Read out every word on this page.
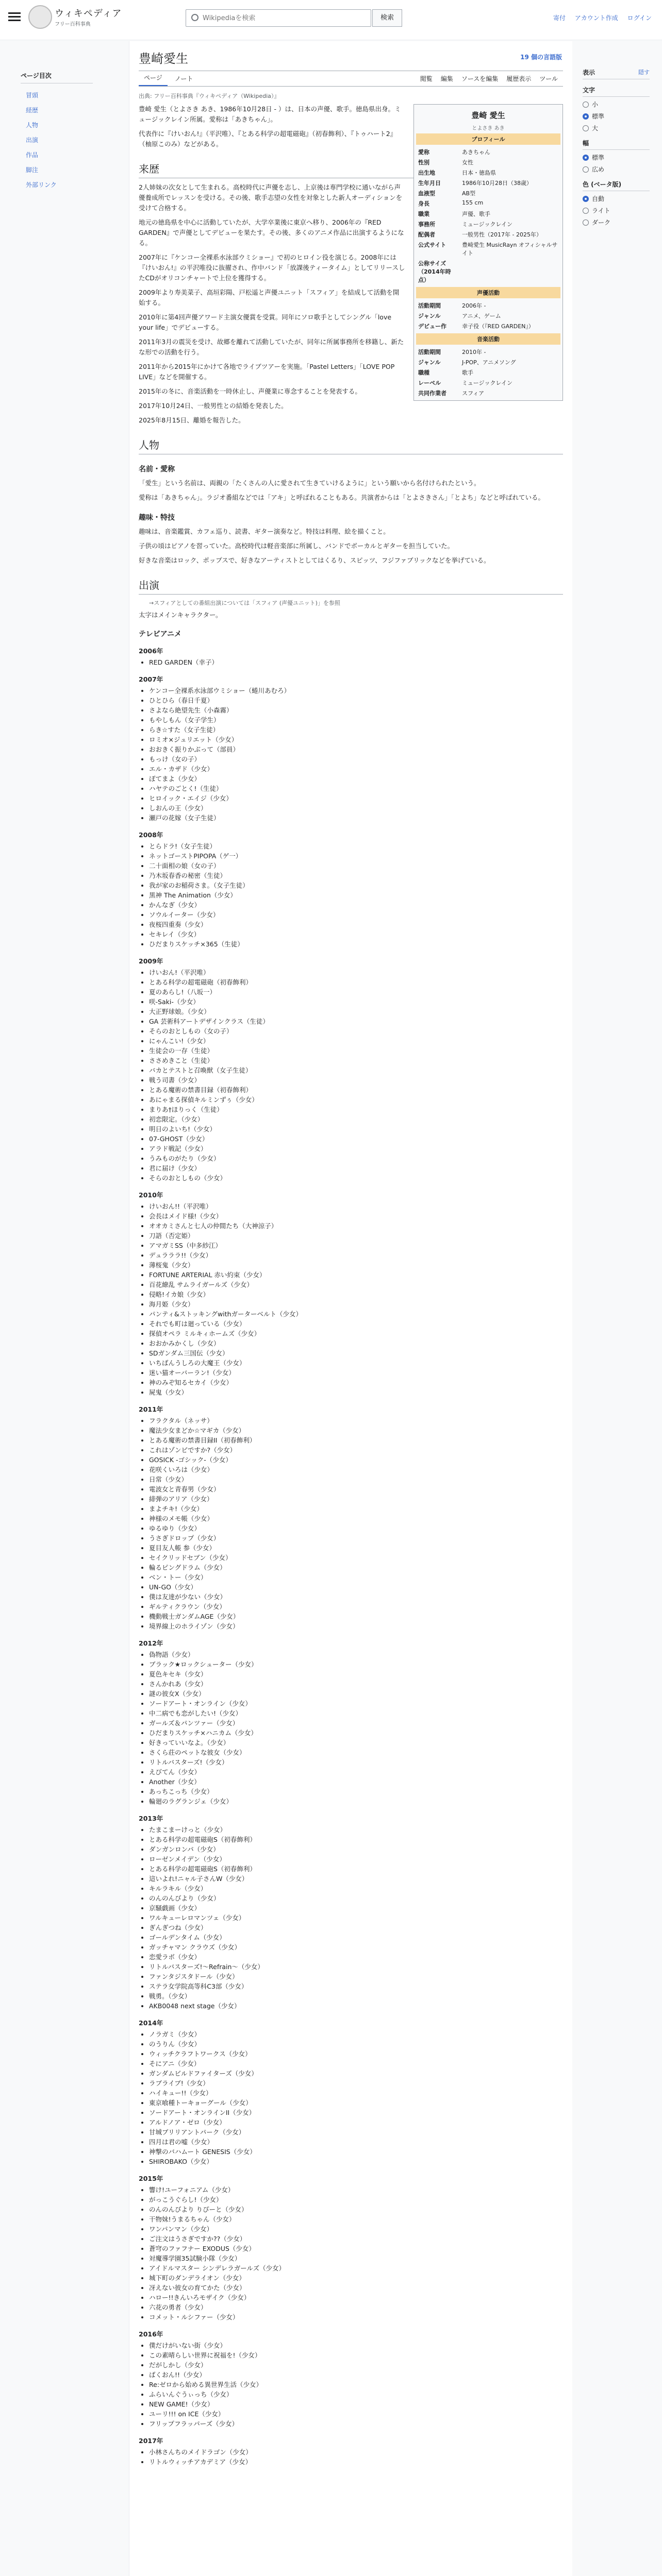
ウィキペディア
フリー百科事典
Wikipediaを検索
検索	寄付 アカウント作成 ログイン
ページ目次
冒頭
経歴
人物
出演
作品
脚注
外部リンク
豊崎愛生	19 個の言語版
ページ	ノート	閲覧	編集	ソースを編集	履歴表示	ツール
出典: フリー百科事典『ウィキペディア（Wikipedia）』
豊崎 愛生
とよさき あき
プロフィール
愛称	あきちゃん
性別	女性
出生地	日本・徳島県
生年月日	1986年10月28日（38歳）
血液型	AB型
身長	155 cm
職業	声優、歌手
事務所	ミュージックレイン
配偶者	一般男性（2017年 - 2025年）
公式サイト	豊崎愛生 MusicRayn オフィシャルサイト
公称サイズ（2014年時点）	
声優活動
活動期間	2006年 -
ジャンル	アニメ、ゲーム
デビュー作	幸子役（『RED GARDEN』）
音楽活動
活動期間	2010年 -
ジャンル	J-POP、アニメソング
職種	歌手
レーベル	ミュージックレイン
共同作業者	スフィア

豊崎 愛生（とよさき あき、1986年10月28日 - ）は、日本の声優、歌手。徳島県出身。ミュージックレイン所属。愛称は「あきちゃん」。

代表作に『けいおん!』（平沢唯）、『とある科学の超電磁砲』（初春飾利）、『トゥハート2』（柚原このみ）などがある。

来歴

2人姉妹の次女として生まれる。高校時代に声優を志し、上京後は専門学校に通いながら声優養成所でレッスンを受ける。その後、歌手志望の女性を対象とした新人オーディションを受けて合格する。

地元の徳島県を中心に活動していたが、大学卒業後に東京へ移り、2006年の『RED GARDEN』で声優としてデビューを果たす。その後、多くのアニメ作品に出演するようになる。

2007年に『ケンコー全裸系水泳部ウミショー』で初のヒロイン役を演じる。2008年には『けいおん!』の平沢唯役に抜擢され、作中バンド「放課後ティータイム」としてリリースしたCDがオリコンチャートで上位を獲得する。

2009年より寿美菜子、高垣彩陽、戸松遥と声優ユニット「スフィア」を結成して活動を開始する。

2010年に第4回声優アワード主演女優賞を受賞。同年にソロ歌手としてシングル「love your life」でデビューする。

2011年3月の震災を受け、故郷を離れて活動していたが、同年に所属事務所を移籍し、新たな形での活動を行う。

2011年から2015年にかけて各地でライブツアーを実施。「Pastel Letters」「LOVE POP LIVE」などを開催する。

2015年の冬に、音楽活動を一時休止し、声優業に専念することを発表する。

2017年10月24日、一般男性との結婚を発表した。

2025年8月15日、離婚を報告した。

人物
名前・愛称

「愛生」という名前は、両親の「たくさんの人に愛されて生きていけるように」という願いから名付けられたという。

愛称は「あきちゃん」。ラジオ番組などでは「アキ」と呼ばれることもある。共演者からは「とよさきさん」「とよち」などと呼ばれている。

趣味・特技

趣味は、音楽鑑賞、カフェ巡り、読書、ギター演奏など。特技は料理、絵を描くこと。

子供の頃はピアノを習っていた。高校時代は軽音楽部に所属し、バンドでボーカルとギターを担当していた。

好きな音楽はロック、ポップスで、好きなアーティストとしてはくるり、スピッツ、フジファブリックなどを挙げている。

出演
→スフィアとしての番組出演については「スフィア (声優ユニット)」を参照
太字はメインキャラクター。
テレビアニメ
2006年
• RED GARDEN（幸子）
2007年
• ケンコー全裸系水泳部ウミショー（蜷川あむろ）
• ひとひら（春日千夏）
• さよなら絶望先生（小森霧）
• もやしもん（女子学生）
• らき☆すた（女子生徒）
• ロミオ×ジュリエット（少女）
• おおきく振りかぶって（部員）
• もっけ（女の子）
• エル・カザド（少女）
• ぽてまよ（少女）
• ハヤテのごとく!（生徒）
• ヒロイック・エイジ（少女）
• しおんの王（少女）
• 瀬戸の花嫁（女子生徒）
2008年
• とらドラ!（女子生徒）
• ネットゴーストPIPOPA（ゲ一）
• 二十面相の娘（女の子）
• 乃木坂春香の秘密（生徒）
• 我が家のお稲荷さま。（女子生徒）
• 黒神 The Animation（少女）
• かんなぎ（少女）
• ソウルイーター（少女）
• 夜桜四重奏（少女）
• セキレイ（少女）
• ひだまりスケッチ×365（生徒）
2009年
• けいおん!（平沢唯）
• とある科学の超電磁砲（初春飾利）
• 夏のあらし!（八坂一）
• 咲-Saki-（少女）
• 大正野球娘。（少女）
• GA 芸術科アートデザインクラス（生徒）
• そらのおとしもの（女の子）
• にゃんこい!（少女）
• 生徒会の一存（生徒）
• ささめきこと（生徒）
• バカとテストと召喚獣（女子生徒）
• 戦う司書（少女）
• とある魔術の禁書目録（初春飾利）
• あにゃまる探偵キルミンずぅ（少女）
• まりあ†ほりっく（生徒）
• 初恋限定。（少女）
• 明日のよいち!（少女）
• 07-GHOST（少女）
• アラド戦記（少女）
• うみものがたり（少女）
• 君に届け（少女）
• そらのおとしもの（少女）
2010年
• けいおん!!（平沢唯）
• 会長はメイド様!（少女）
• オオカミさんと七人の仲間たち（大神涼子）
• 刀語（否定姫）
• アマガミSS（中多紗江）
• デュラララ!!（少女）
• 薄桜鬼（少女）
• FORTUNE ARTERIAL 赤い約束（少女）
• 百花繚乱 サムライガールズ（少女）
• 侵略!イカ娘（少女）
• 海月姫（少女）
• パンティ&ストッキングwithガーターベルト（少女）
• それでも町は廻っている（少女）
• 探偵オペラ ミルキィホームズ（少女）
• おおかみかくし（少女）
• SDガンダム三国伝（少女）
• いちばんうしろの大魔王（少女）
• 迷い猫オーバーラン!（少女）
• 神のみぞ知るセカイ（少女）
• 屍鬼（少女）
2011年
• フラクタル（ネッサ）
• 魔法少女まどか☆マギカ（少女）
• とある魔術の禁書目録II（初春飾利）
• これはゾンビですか?（少女）
• GOSICK -ゴシック-（少女）
• 花咲くいろは（少女）
• 日常（少女）
• 電波女と青春男（少女）
• 緋弾のアリア（少女）
• まよチキ!（少女）
• 神様のメモ帳（少女）
• ゆるゆり（少女）
• うさぎドロップ（少女）
• 夏目友人帳 参（少女）
• セイクリッドセブン（少女）
• 輪るピングドラム（少女）
• ベン・トー（少女）
• UN-GO（少女）
• 僕は友達が少ない（少女）
• ギルティクラウン（少女）
• 機動戦士ガンダムAGE（少女）
• 境界線上のホライゾン（少女）
2012年
• 偽物語（少女）
• ブラック★ロックシューター（少女）
• 夏色キセキ（少女）
• さんかれあ（少女）
• 謎の彼女X（少女）
• ソードアート・オンライン（少女）
• 中二病でも恋がしたい!（少女）
• ガールズ＆パンツァー（少女）
• ひだまりスケッチ×ハニカム（少女）
• 好きっていいなよ。（少女）
• さくら荘のペットな彼女（少女）
• リトルバスターズ!（少女）
• えびてん（少女）
• Another（少女）
• あっちこっち（少女）
• 輪廻のラグランジェ（少女）
2013年
• たまこまーけっと（少女）
• とある科学の超電磁砲S（初春飾利）
• ダンガンロンパ（少女）
• ローゼンメイデン（少女）
• とある科学の超電磁砲S（初春飾利）
• 這いよれ!ニャル子さんW（少女）
• キルラキル（少女）
• のんのんびより（少女）
• 京騒戯画（少女）
• ワルキューレロマンツェ（少女）
• ぎんぎつね（少女）
• ゴールデンタイム（少女）
• ガッチャマン クラウズ（少女）
• 恋愛ラボ（少女）
• リトルバスターズ!～Refrain～（少女）
• ファンタジスタドール（少女）
• ステラ女学院高等科C3部（少女）
• 戦勇。（少女）
• AKB0048 next stage（少女）
2014年
• ノラガミ（少女）
• のうりん（少女）
• ウィッチクラフトワークス（少女）
• そにアニ（少女）
• ガンダムビルドファイターズ（少女）
• ラブライブ!（少女）
• ハイキュー!!（少女）
• 東京喰種トーキョーグール（少女）
• ソードアート・オンラインII（少女）
• アルドノア・ゼロ（少女）
• 甘城ブリリアントパーク（少女）
• 四月は君の嘘（少女）
• 神撃のバハムート GENESIS（少女）
• SHIROBAKO（少女）
2015年
• 響け!ユーフォニアム（少女）
• がっこうぐらし!（少女）
• のんのんびより りぴーと（少女）
• 干物妹!うまるちゃん（少女）
• ワンパンマン（少女）
• ご注文はうさぎですか??（少女）
• 蒼穹のファフナー EXODUS（少女）
• 対魔導学園35試験小隊（少女）
• アイドルマスター シンデレラガールズ（少女）
• 城下町のダンデライオン（少女）
• 冴えない彼女の育てかた（少女）
• ハロー!!きんいろモザイク（少女）
• 六花の勇者（少女）
• コメット・ルシファー（少女）
2016年
• 僕だけがいない街（少女）
• この素晴らしい世界に祝福を!（少女）
• だがしかし（少女）
• ばくおん!!（少女）
• Re:ゼロから始める異世界生活（少女）
• ふらいんぐうぃっち（少女）
• NEW GAME!（少女）
• ユーリ!!! on ICE（少女）
• フリップフラッパーズ（少女）
2017年
• 小林さんちのメイドラゴン（少女）
• リトルウィッチアカデミア（少女）
表示	隠す
文字
小
標準
大
幅
標準
広め
色 (ベータ版)
自動
ライト
ダーク
